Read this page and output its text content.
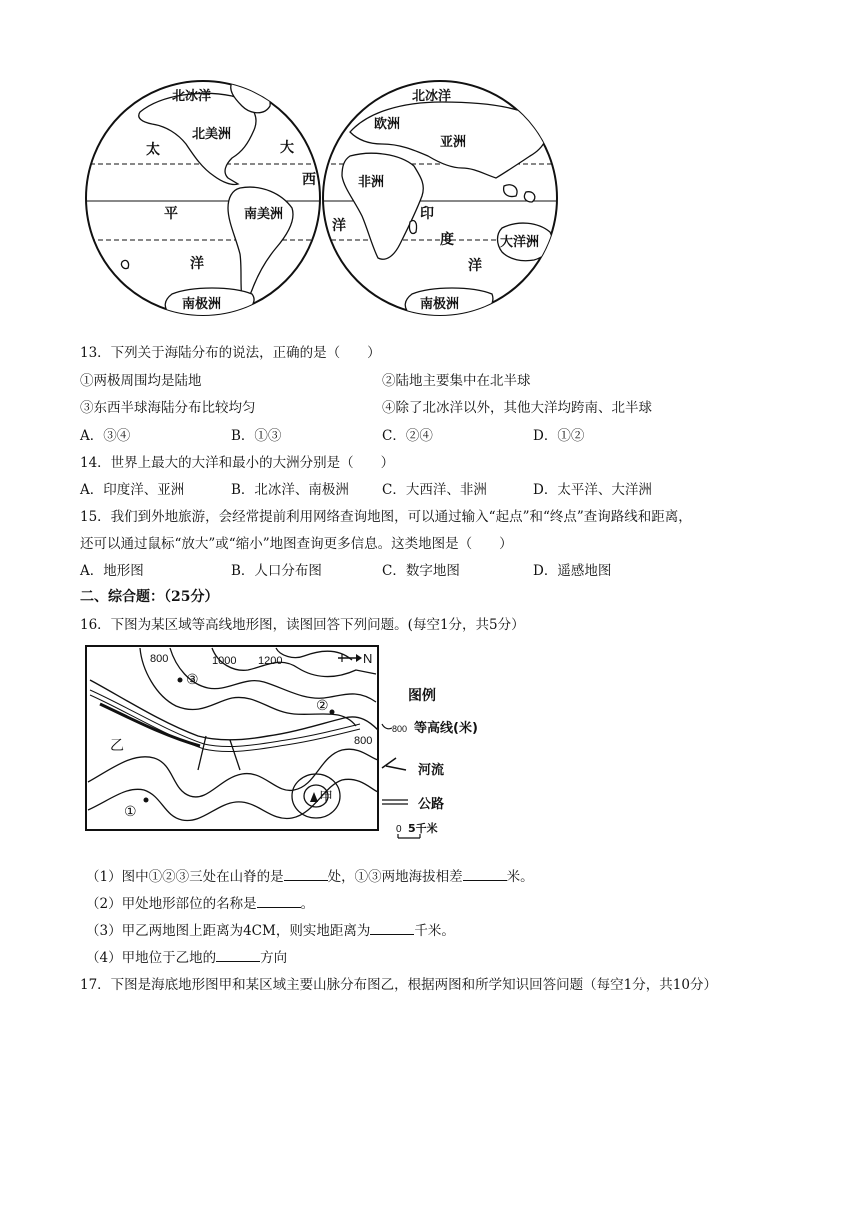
北冰洋
北美洲
南美洲
南极洲
太
平
洋
大
西
北冰洋
欧洲
亚洲
非洲
大洋洲
南极洲
洋
印
度
洋
13．下列关于海陆分布的说法，正确的是（　　）
①两极周围均是陆地	②陆地主要集中在北半球
③东西半球海陆分布比较均匀	④除了北冰洋以外，其他大洋均跨南、北半球
A．③④	B．①③	C．②④	D．①②
14．世界上最大的大洋和最小的大洲分别是（　　）
A．印度洋、亚洲	B．北冰洋、南极洲 C．大西洋、非洲	D．太平洋、大洋洲
15．我们到外地旅游，会经常提前利用网络查询地图，可以通过输入“起点”和“终点”查询路线和距离，
还可以通过鼠标“放大”或“缩小”地图查询更多信息。这类地图是（　　）
A．地形图	B．人口分布图	C．数字地图	D．遥感地图
二、综合题：（25分）
16．下图为某区域等高线地形图，读图回答下列问题。(每空1分，共5分）
800	1000 1200
800
N
③
②
①
乙
甲
图例
800 等高线(米)
河流
公路
0 5千米
（1）图中①②③三处在山脊的是	处，①③两地海拔相差	米。
（2）甲处地形部位的名称是	。
（3）甲乙两地图上距离为4CM，则实地距离为	千米。
（4）甲地位于乙地的	方向
17．下图是海底地形图甲和某区域主要山脉分布图乙，根据两图和所学知识回答问题（每空1分，共10分）
